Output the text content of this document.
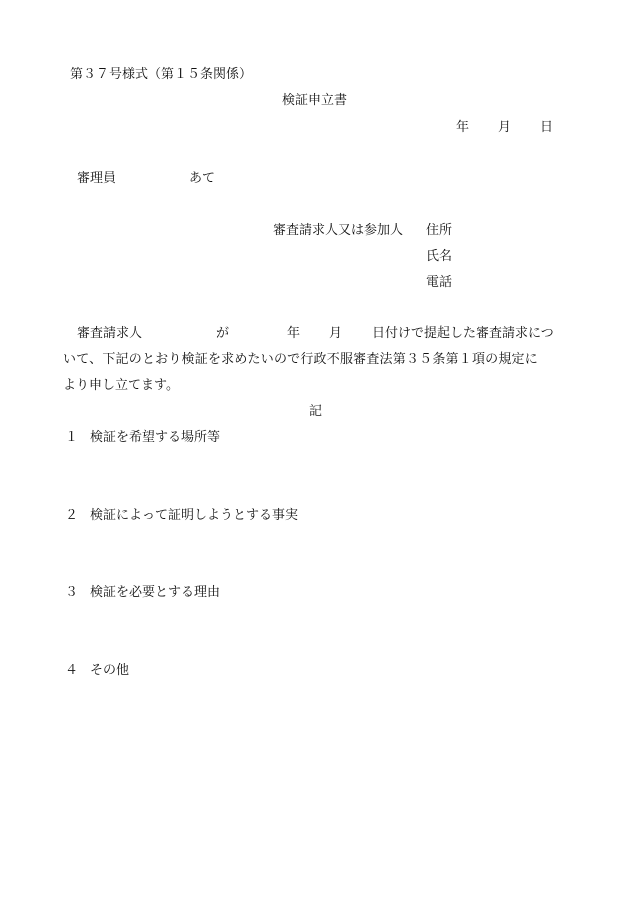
第３７号様式（第１５条関係）
検証申立書
年 月 日
審理員	あて
審査請求人又は参加人 住所
氏名
電話
審査請求人	が	年 月 日付けで提起した審査請求につ
いて、下記のとおり検証を求めたいので行政不服審査法第３５条第１項の規定に
より申し立てます。
記
１ 検証を希望する場所等
２ 検証によって証明しようとする事実
３ 検証を必要とする理由
４ その他
